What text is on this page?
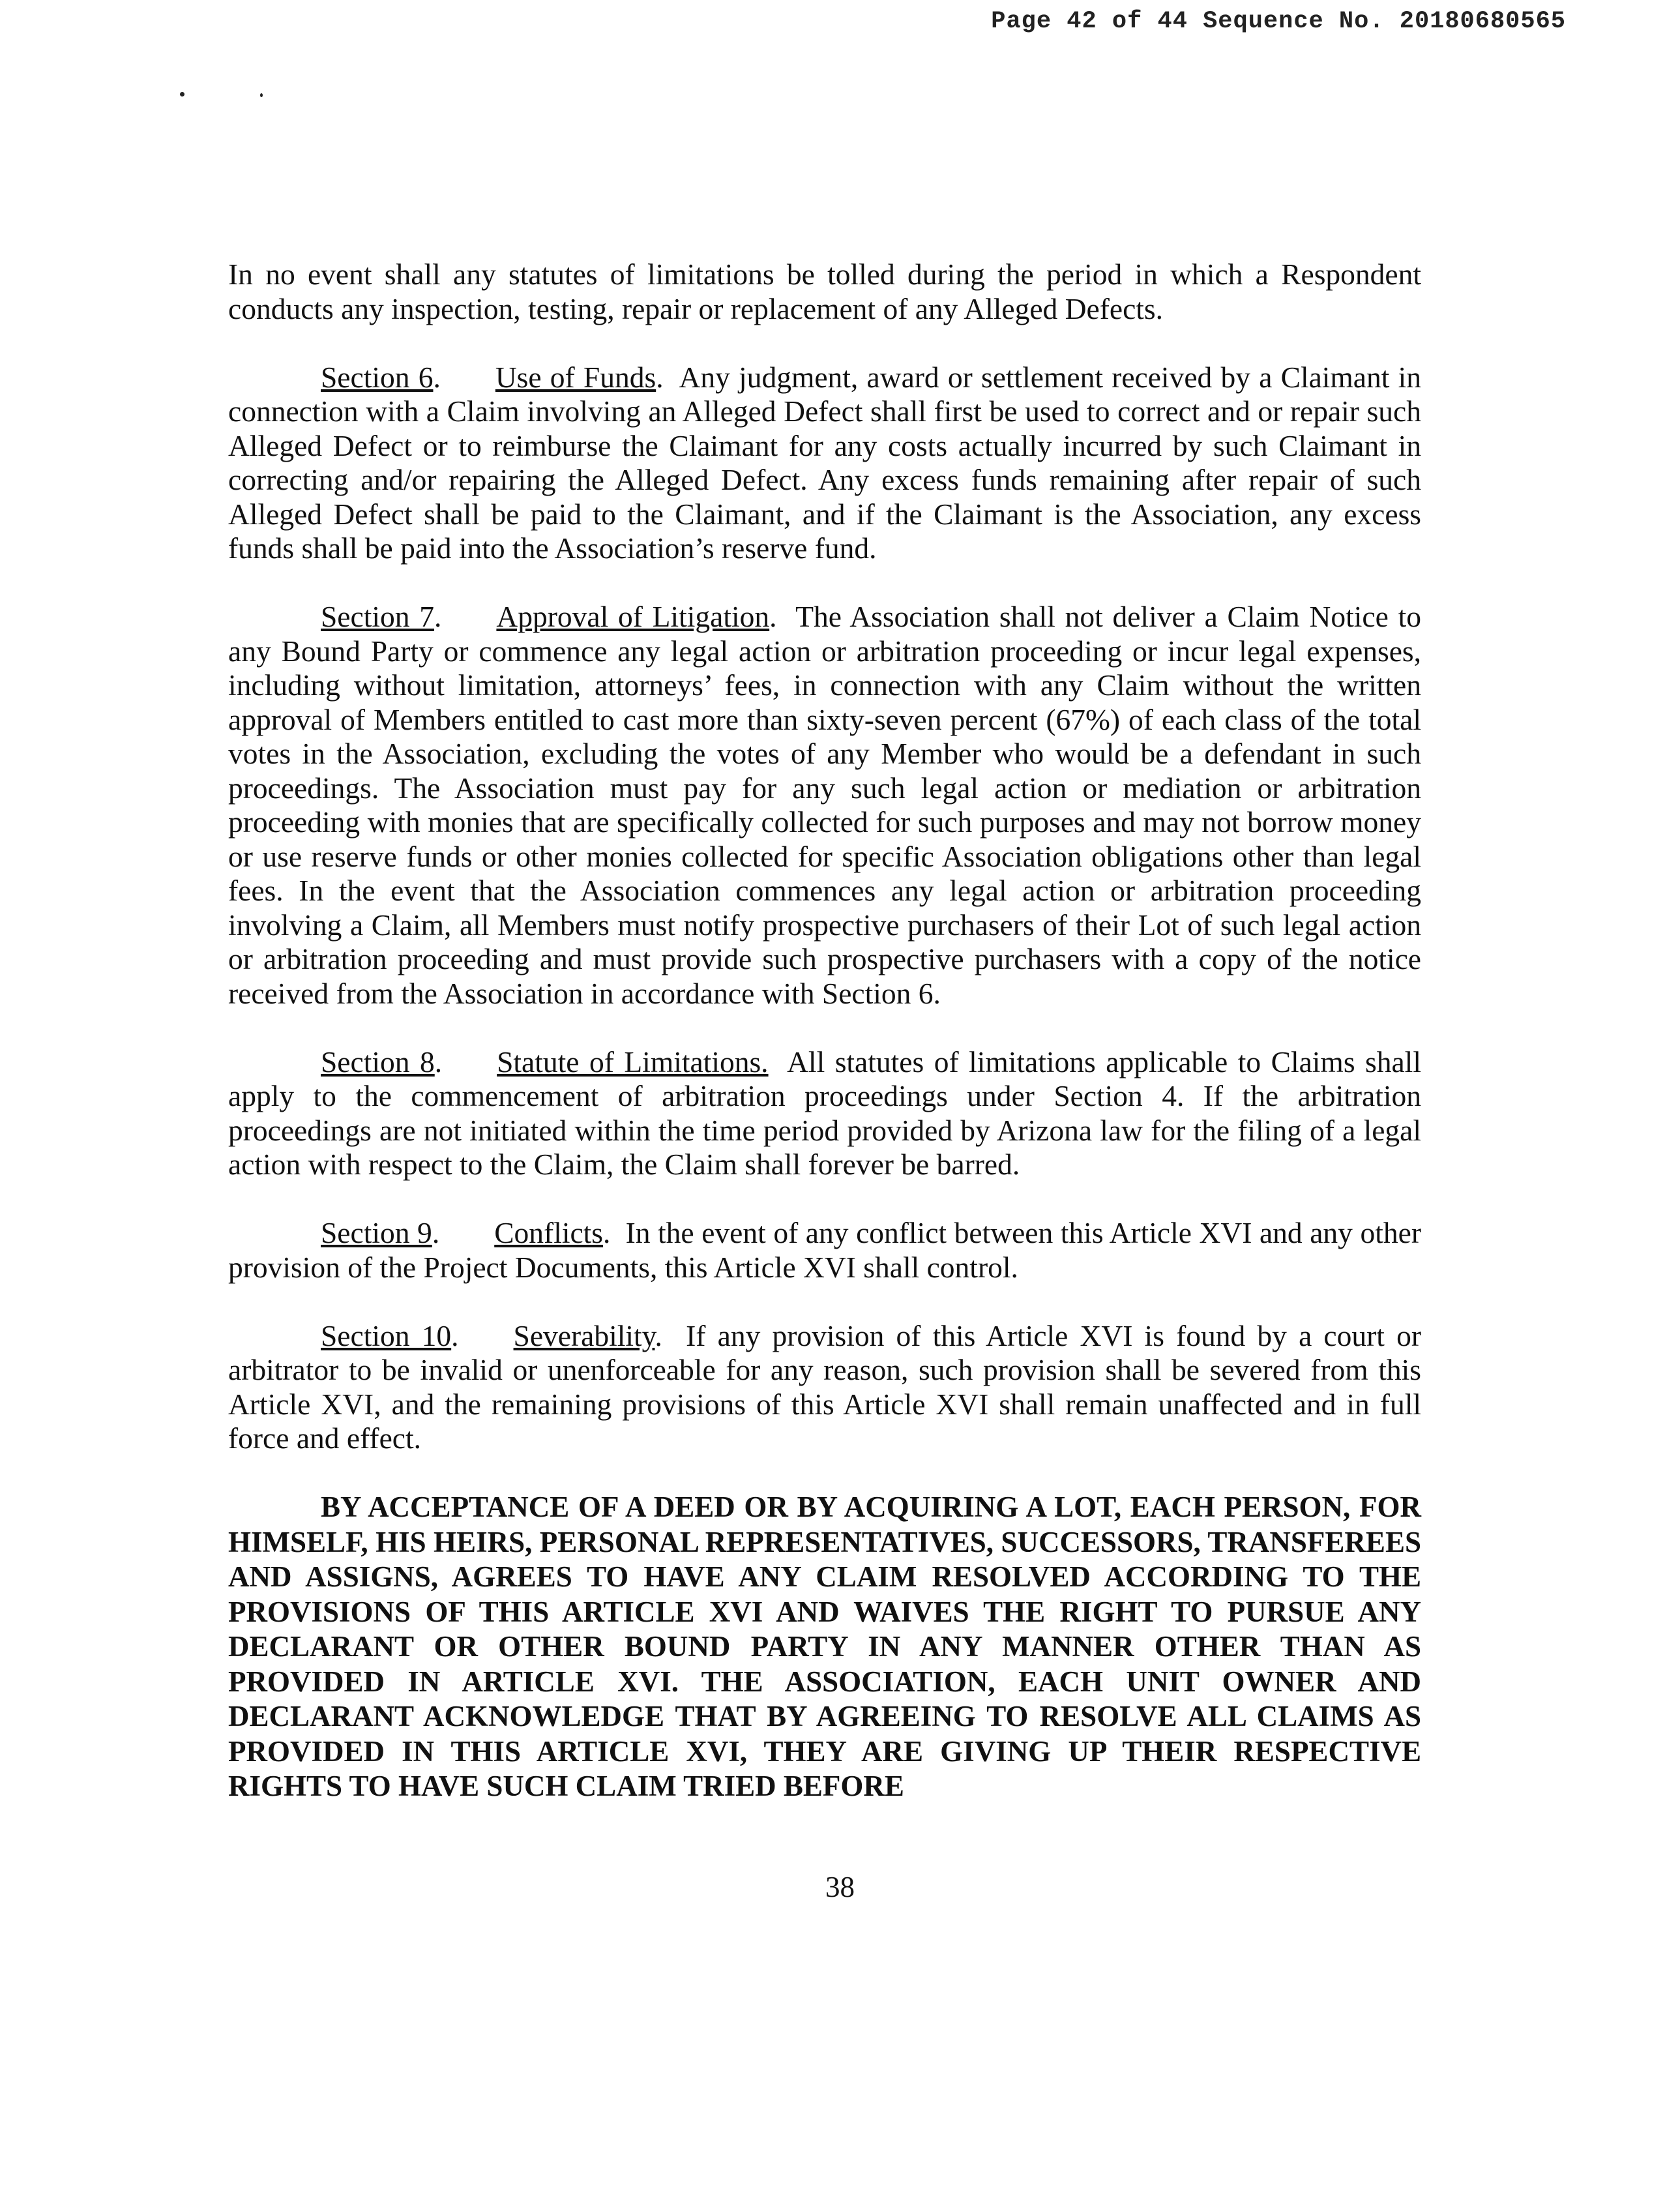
Page 42 of 44 Sequence No. 20180680565

In no event shall any statutes of limitations be tolled during the period in which a Respondent conducts any inspection, testing, repair or replacement of any Alleged Defects.

Section 6. Use of Funds.  Any judgment, award or settlement received by a Claimant in connection with a Claim involving an Alleged Defect shall first be used to correct and or repair such Alleged Defect or to reimburse the Claimant for any costs actually incurred by such Claimant in correcting and/or repairing the Alleged Defect. Any excess funds remaining after repair of such Alleged Defect shall be paid to the Claimant, and if the Claimant is the Association, any excess funds shall be paid into the Association’s reserve fund.

Section 7. Approval of Litigation.  The Association shall not deliver a Claim Notice to any Bound Party or commence any legal action or arbitration proceeding or incur legal expenses, including without limitation, attorneys’ fees, in connection with any Claim without the written approval of Members entitled to cast more than sixty-seven percent (67%) of each class of the total votes in the Association, excluding the votes of any Member who would be a defendant in such proceedings. The Association must pay for any such legal action or mediation or arbitration proceeding with monies that are specifically collected for such purposes and may not borrow money or use reserve funds or other monies collected for specific Association obligations other than legal fees. In the event that the Association commences any legal action or arbitration proceeding involving a Claim, all Members must notify prospective purchasers of their Lot of such legal action or arbitration proceeding and must provide such prospective purchasers with a copy of the notice received from the Association in accordance with Section 6.

Section 8. Statute of Limitations. All statutes of limitations applicable to Claims shall apply to the commencement of arbitration proceedings under Section 4. If the arbitration proceedings are not initiated within the time period provided by Arizona law for the filing of a legal action with respect to the Claim, the Claim shall forever be barred.

Section 9. Conflicts.  In the event of any conflict between this Article XVI and any other provision of the Project Documents, this Article XVI shall control.

Section 10. Severability.  If any provision of this Article XVI is found by a court or arbitrator to be invalid or unenforceable for any reason, such provision shall be severed from this Article XVI, and the remaining provisions of this Article XVI shall remain unaffected and in full force and effect.

BY ACCEPTANCE OF A DEED OR BY ACQUIRING A LOT, EACH PERSON, FOR HIMSELF, HIS HEIRS, PERSONAL REPRESENTATIVES, SUCCESSORS, TRANSFEREES AND ASSIGNS, AGREES TO HAVE ANY CLAIM RESOLVED ACCORDING TO THE PROVISIONS OF THIS ARTICLE XVI AND WAIVES THE RIGHT TO PURSUE ANY DECLARANT OR OTHER BOUND PARTY IN ANY MANNER OTHER THAN AS PROVIDED IN ARTICLE XVI. THE ASSOCIATION, EACH UNIT OWNER AND DECLARANT ACKNOWLEDGE THAT BY AGREEING TO RESOLVE ALL CLAIMS AS PROVIDED IN THIS ARTICLE XVI, THEY ARE GIVING UP THEIR RESPECTIVE RIGHTS TO HAVE SUCH CLAIM TRIED BEFORE

38
